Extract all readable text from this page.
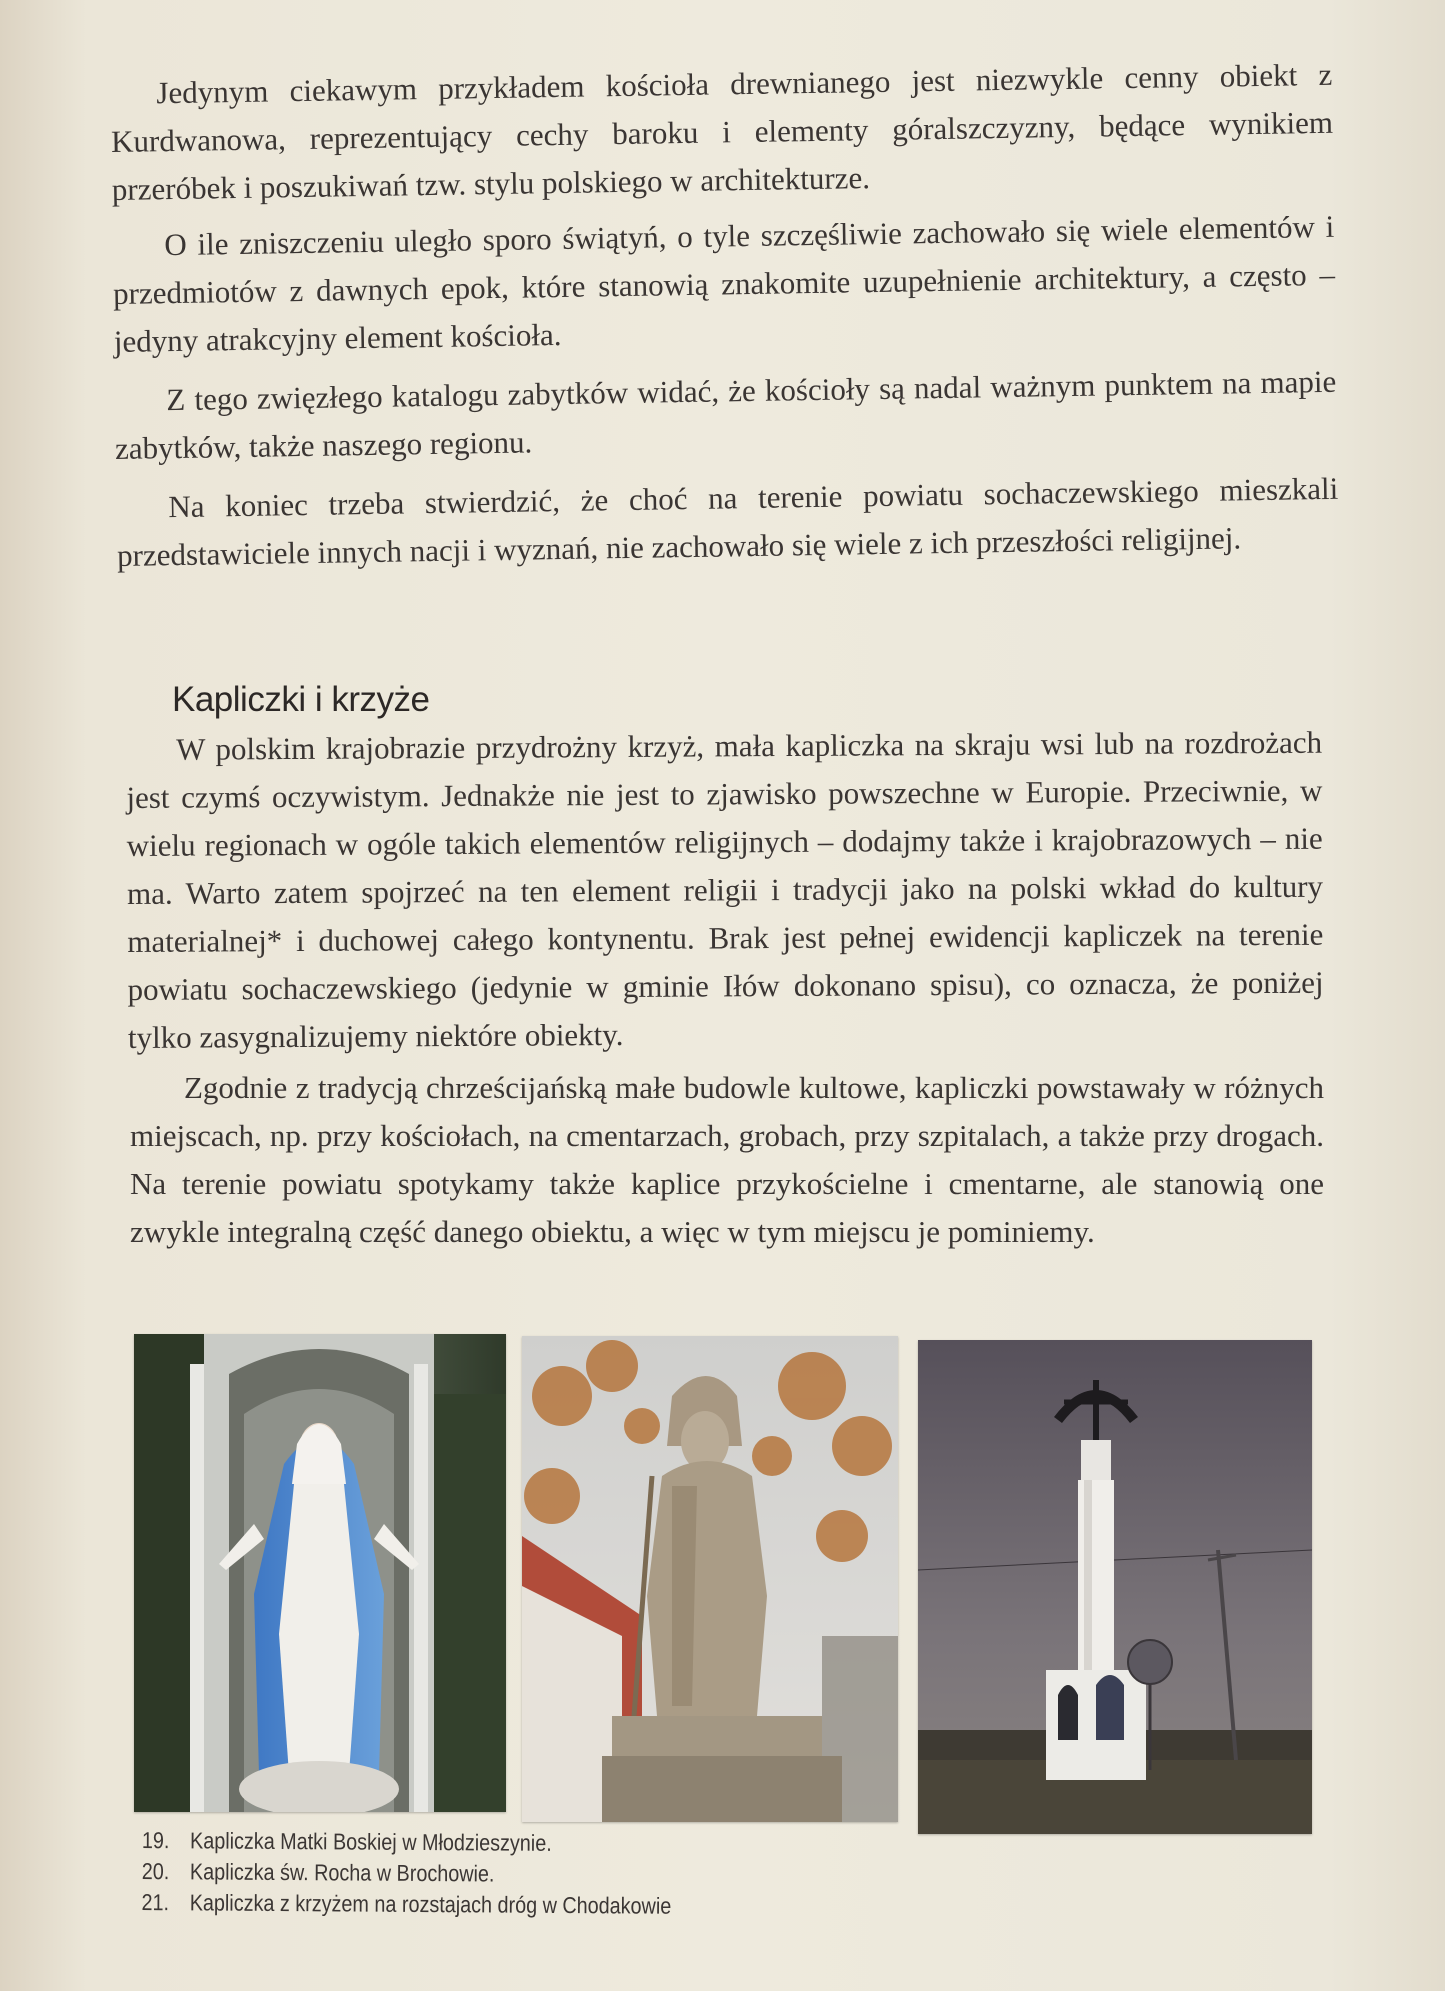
Jedynym ciekawym przykładem kościoła drewnianego jest niezwykle cenny obiekt z Kurdwanowa, reprezentujący cechy baroku i elementy góralszczyzny, będące wynikiem przeróbek i poszukiwań tzw. stylu polskiego w architekturze.

O ile zniszczeniu uległo sporo świątyń, o tyle szczęśliwie zachowało się wiele elementów i przedmiotów z dawnych epok, które stanowią znakomite uzupełnienie architektury, a często – jedyny atrakcyjny element kościoła.

Z tego zwięzłego katalogu zabytków widać, że kościoły są nadal ważnym punktem na mapie zabytków, także naszego regionu.

Na koniec trzeba stwierdzić, że choć na terenie powiatu sochaczewskiego mieszkali przedstawiciele innych nacji i wyznań, nie zachowało się wiele z ich przeszłości religijnej.

Kapliczki i krzyże

W polskim krajobrazie przydrożny krzyż, mała kapliczka na skraju wsi lub na rozdrożach jest czymś oczywistym. Jednakże nie jest to zjawisko powszechne w Europie. Przeciwnie, w wielu regionach w ogóle takich elementów religijnych – dodajmy także i krajobrazowych – nie ma. Warto zatem spojrzeć na ten element religii i tradycji jako na polski wkład do kultury materialnej* i duchowej całego kontynentu. Brak jest pełnej ewidencji kapliczek na terenie powiatu sochaczewskiego (jedynie w gminie Iłów dokonano spisu), co oznacza, że poniżej tylko zasygnalizujemy niektóre obiekty.

Zgodnie z tradycją chrześcijańską małe budowle kultowe, kapliczki powstawały w różnych miejscach, np. przy kościołach, na cmentarzach, grobach, przy szpitalach, a także przy drogach. Na terenie powiatu spotykamy także kaplice przykościelne i cmentarne, ale stanowią one zwykle integralną część danego obiektu, a więc w tym miejscu je pominiemy.

19. Kapliczka Matki Boskiej w Młodzieszynie.
20. Kapliczka św. Rocha w Brochowie.
21. Kapliczka z krzyżem na rozstajach dróg w Chodakowie
